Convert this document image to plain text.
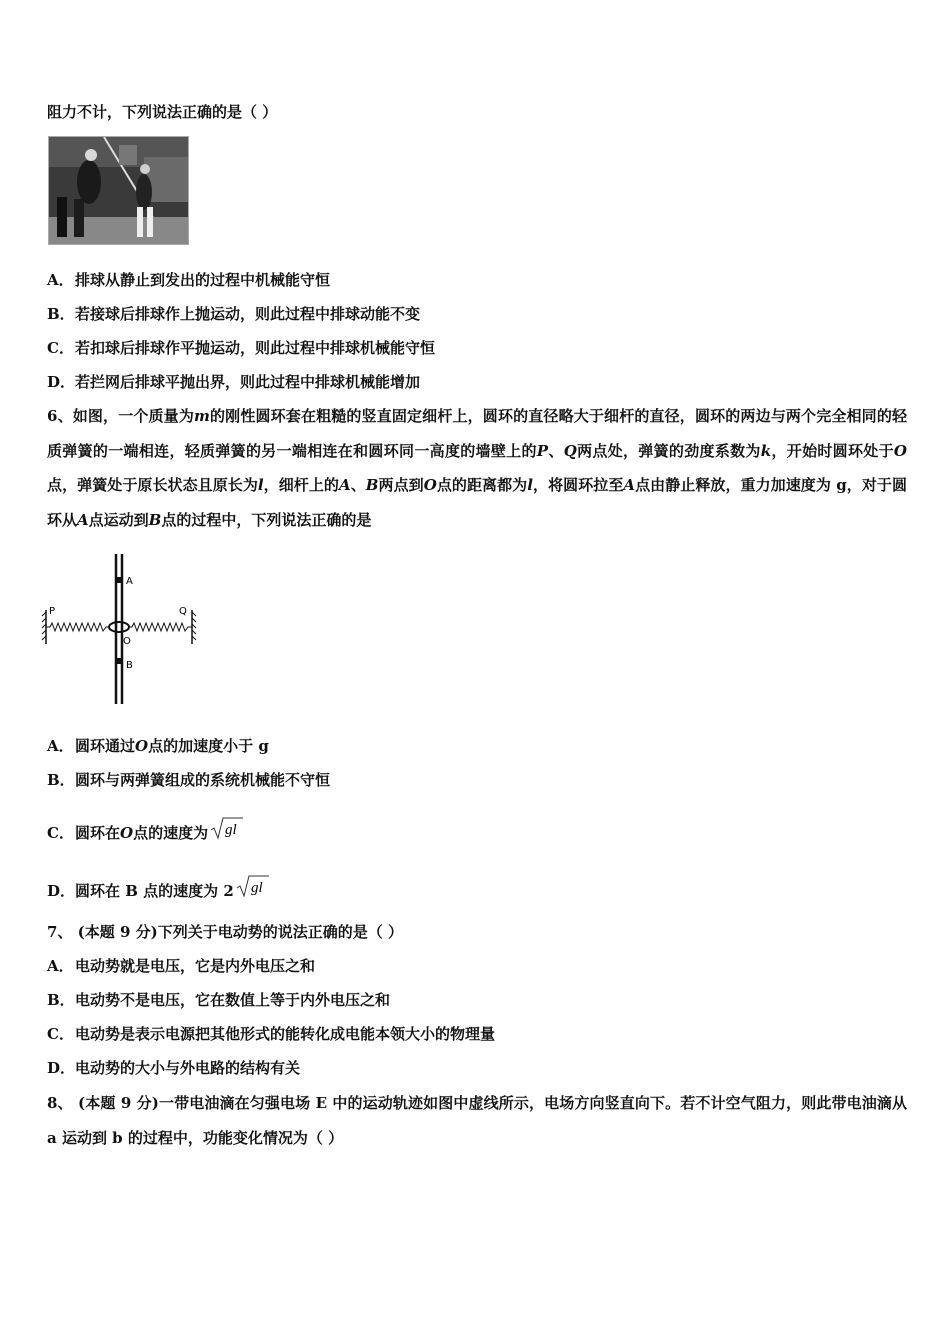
阻力不计，下列说法正确的是（ ）
A．排球从静止到发出的过程中机械能守恒
B．若接球后排球作上抛运动，则此过程中排球动能不变
C．若扣球后排球作平抛运动，则此过程中排球机械能守恒
D．若拦网后排球平抛出界，则此过程中排球机械能增加
6、如图，一个质量为m的刚性圆环套在粗糙的竖直固定细杆上，圆环的直径略大于细杆的直径，圆环的两边与两个完全相同的轻质弹簧的一端相连，轻质弹簧的另一端相连在和圆环同一高度的墙壁上的P、Q两点处，弹簧的劲度系数为k，开始时圆环处于O点，弹簧处于原长状态且原长为l，细杆上的A、B两点到O点的距离都为l，将圆环拉至A点由静止释放，重力加速度为 g，对于圆环从A点运动到B点的过程中，下列说法正确的是
P	Q
A
O
B
A．圆环通过O点的加速度小于 g
B．圆环与两弹簧组成的系统机械能不守恒
C．圆环在O点的速度为 gl
D．圆环在 B 点的速度为 2 gl
7、 (本题 9 分)下列关于电动势的说法正确的是（ ）
A．电动势就是电压，它是内外电压之和
B．电动势不是电压，它在数值上等于内外电压之和
C．电动势是表示电源把其他形式的能转化成电能本领大小的物理量
D．电动势的大小与外电路的结构有关
8、 (本题 9 分)一带电油滴在匀强电场 E 中的运动轨迹如图中虚线所示，电场方向竖直向下。若不计空气阻力，则此带电油滴从 a 运动到 b 的过程中，功能变化情况为（ ）
